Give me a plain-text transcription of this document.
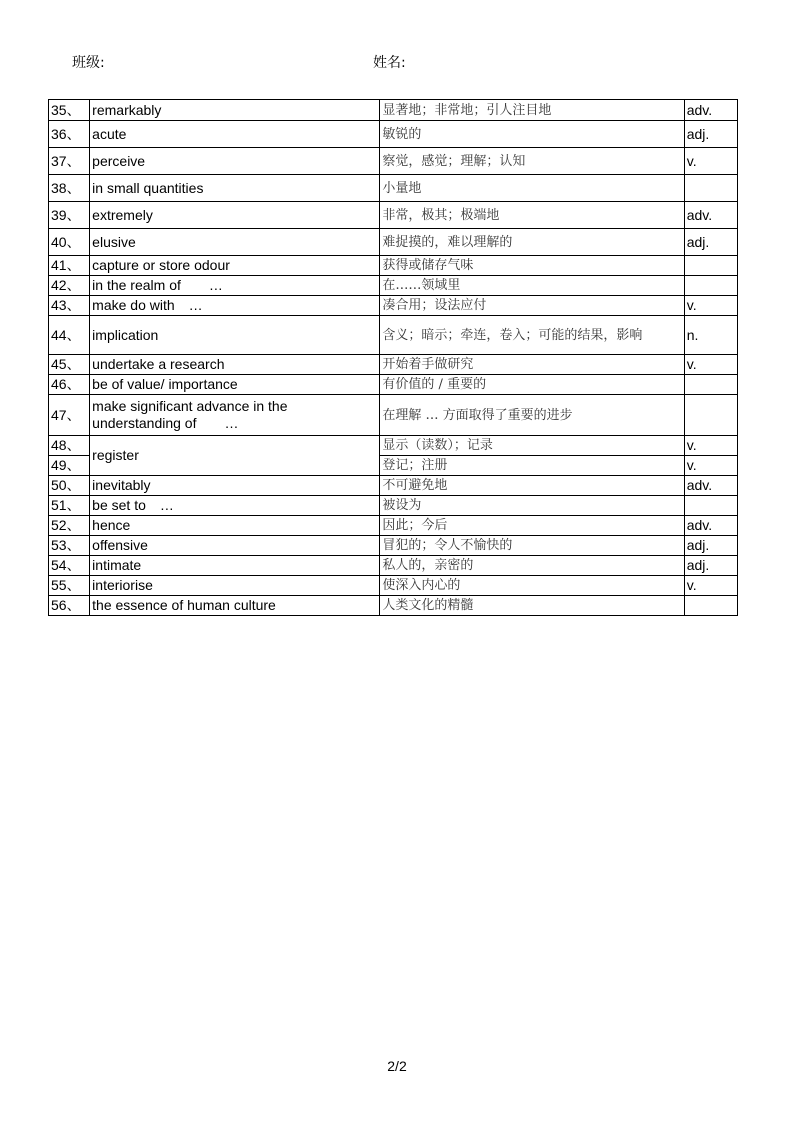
班级:	姓名:
35、	remarkably	显著地；非常地；引人注目地	adv.
36、	acute	敏锐的	adj.
37、	perceive	察觉，感觉；理解；认知	v.
38、	in small quantities	小量地	
39、	extremely	非常，极其；极端地	adv.
40、	elusive	难捉摸的，难以理解的	adj.
41、	capture or store odour	获得或储存气味	
42、	in the realm of　　…	在……领域里	
43、	make do with　…	凑合用；设法应付	v.
44、	implication	含义；暗示；牵连，卷入；可能的结果，影响	n.
45、	undertake a research	开始着手做研究	v.
46、	be of value/ importance	有价值的 / 重要的	
47、	make significant advance in the understanding of　　…	在理解 … 方面取得了重要的进步	
48、	register	显示（读数）；记录	v.
49、		登记；注册	v.
50、	inevitably	不可避免地	adv.
51、	be set to　…	被设为	
52、	hence	因此；今后	adv.
53、	offensive	冒犯的；令人不愉快的	adj.
54、	intimate	私人的，亲密的	adj.
55、	interiorise	使深入内心的	v.
56、	the essence of human culture	人类文化的精髓	
2/2
